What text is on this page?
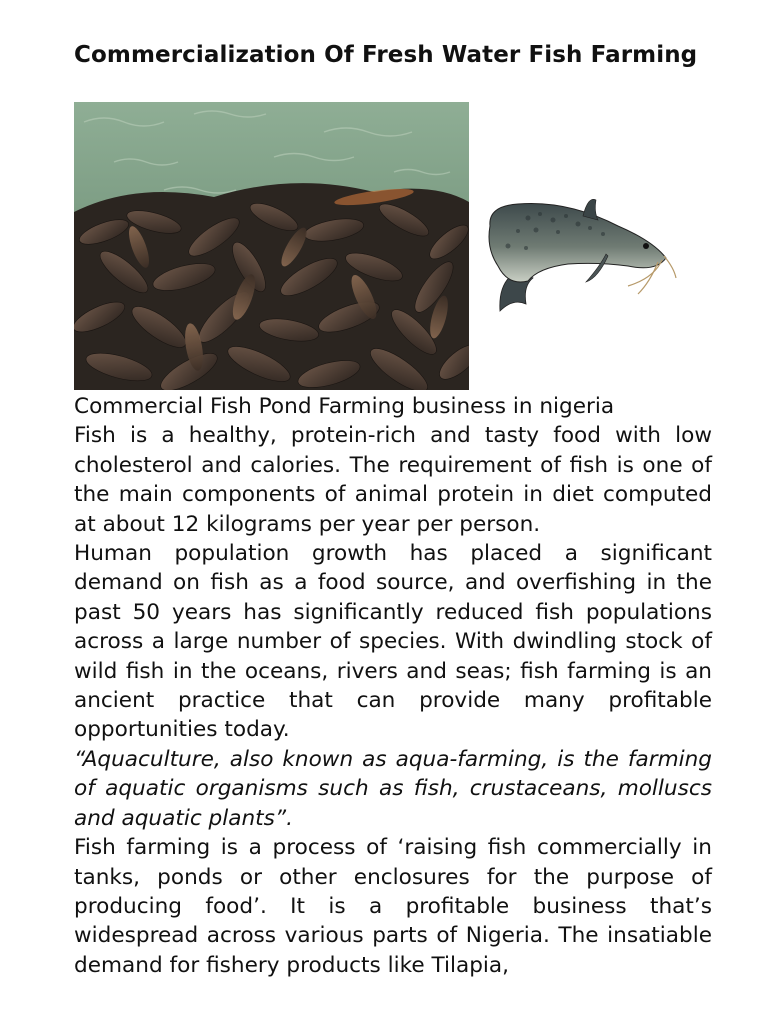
Commercialization Of Fresh Water Fish Farming

Commercial Fish Pond Farming business in nigeria

Fish is a healthy, protein-rich and tasty food with low cholesterol and calories. The requirement of fish is one of the main components of animal protein in diet computed at about 12 kilograms per year per person.

Human population growth has placed a significant demand on fish as a food source, and overfishing in the past 50 years has significantly reduced fish populations across a large number of species. With dwindling stock of wild fish in the oceans, rivers and seas; fish farming is an ancient practice that can provide many profitable opportunities today.

“Aquaculture, also known as aqua-farming, is the farming of aquatic organisms such as fish, crustaceans, molluscs and aquatic plants”.

Fish farming is a process of ‘raising fish commercially in tanks, ponds or other enclosures for the purpose of producing food’. It is a profitable business that’s widespread across various parts of Nigeria. The insatiable demand for fishery products like Tilapia,
